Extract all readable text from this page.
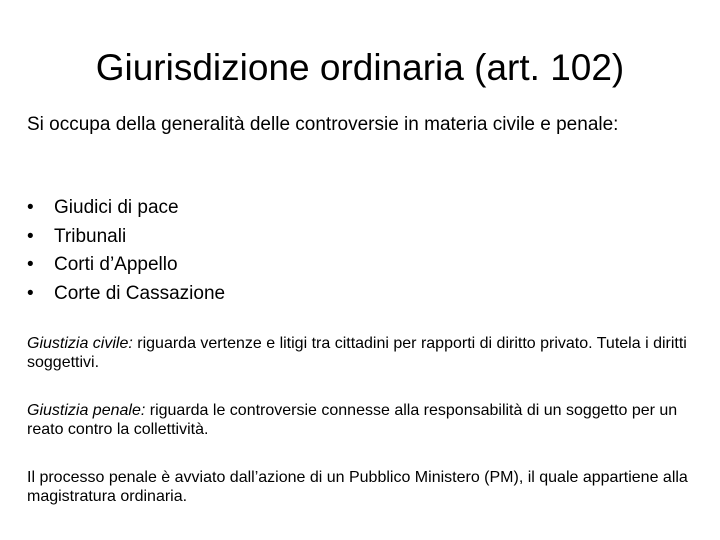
Giurisdizione ordinaria (art. 102)
Si occupa della generalità delle controversie in materia civile e penale:
• Giudici di pace
• Tribunali
• Corti d’Appello
• Corte di Cassazione
Giustizia civile: riguarda vertenze e litigi tra cittadini per rapporti di diritto privato. Tutela i diritti soggettivi.
Giustizia penale: riguarda le controversie connesse alla responsabilità di un soggetto per un reato contro la collettività.
Il processo penale è avviato dall’azione di un Pubblico Ministero (PM), il quale appartiene alla magistratura ordinaria.
